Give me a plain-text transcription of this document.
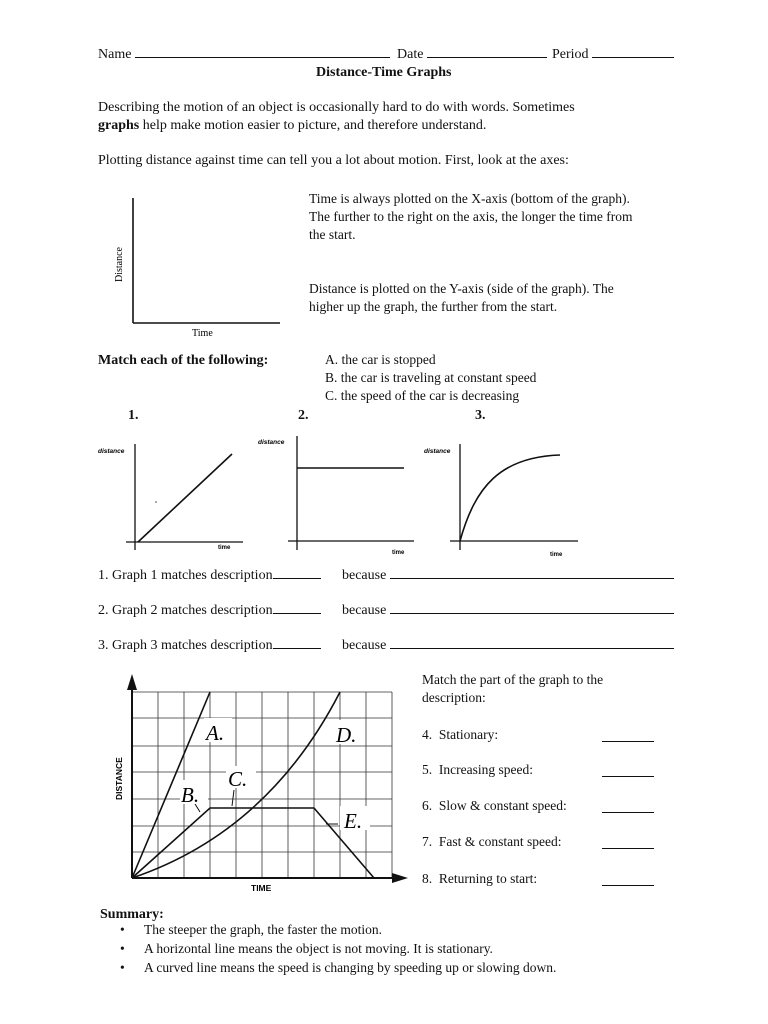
Name	Date	Period
Distance-Time Graphs
Describing the motion of an object is occasionally hard to do with words. Sometimes
graphs help make motion easier to picture, and therefore understand.
Plotting distance against time can tell you a lot about motion. First, look at the axes:
Distance
Time
Time is always plotted on the X-axis (bottom of the graph).
The further to the right on the axis, the longer the time from
the start.
Distance is plotted on the Y-axis (side of the graph). The
higher up the graph, the further from the start.
Match each of the following:	A. the car is stopped
B. the car is traveling at constant speed
C. the speed of the car is decreasing
1.	2.	3.
distance
time
distance
time
distance
time
1. Graph 1 matches description	because
2. Graph 2 matches description	because
3. Graph 3 matches description	because
A.
B.
C.
D.
E.
DISTANCE
TIME
Match the part of the graph to the
description:
4. Stationary:
5. Increasing speed:
6. Slow & constant speed:
7. Fast & constant speed:
8. Returning to start:
Summary:
• The steeper the graph, the faster the motion.
• A horizontal line means the object is not moving. It is stationary.
• A curved line means the speed is changing by speeding up or slowing down.
